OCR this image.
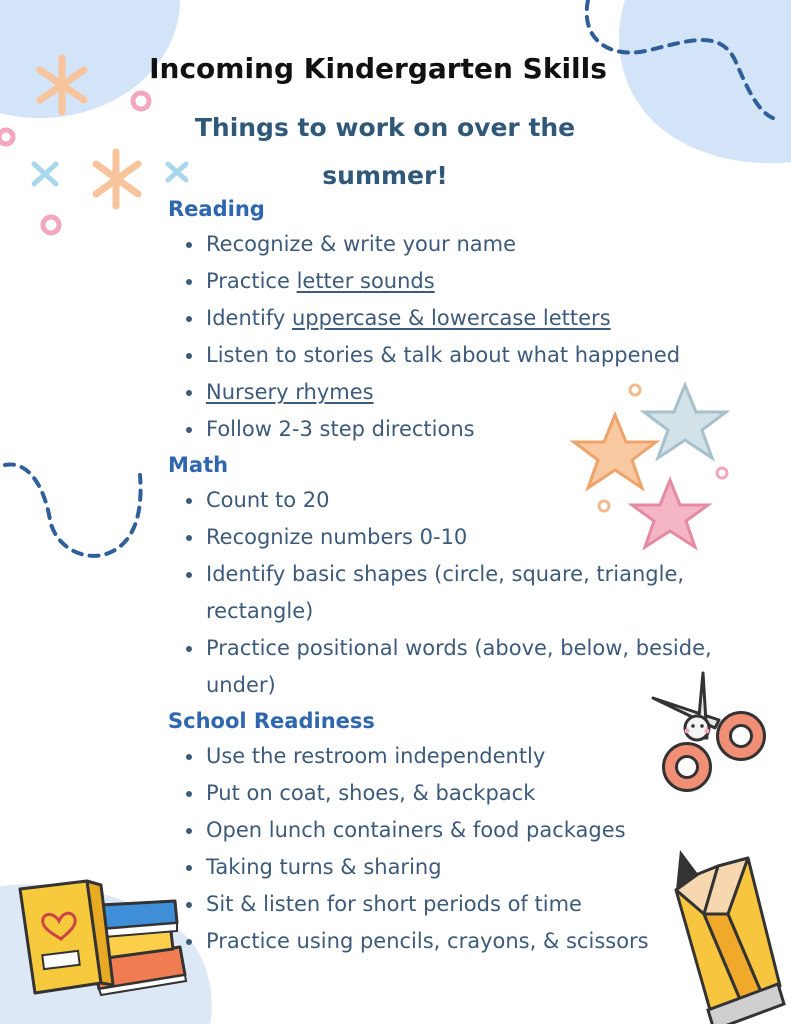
Incoming Kindergarten Skills
Things to work on over the summer!
Reading
Recognize & write your name
Practice letter sounds
Identify uppercase & lowercase letters
Listen to stories & talk about what happened
Nursery rhymes
Follow 2-3 step directions
Math
Count to 20
Recognize numbers 0-10
Identify basic shapes (circle, square, triangle, rectangle)
Practice positional words (above, below, beside, under)
School Readiness
Use the restroom independently
Put on coat, shoes, & backpack
Open lunch containers & food packages
Taking turns & sharing
Sit & listen for short periods of time
Practice using pencils, crayons, & scissors
